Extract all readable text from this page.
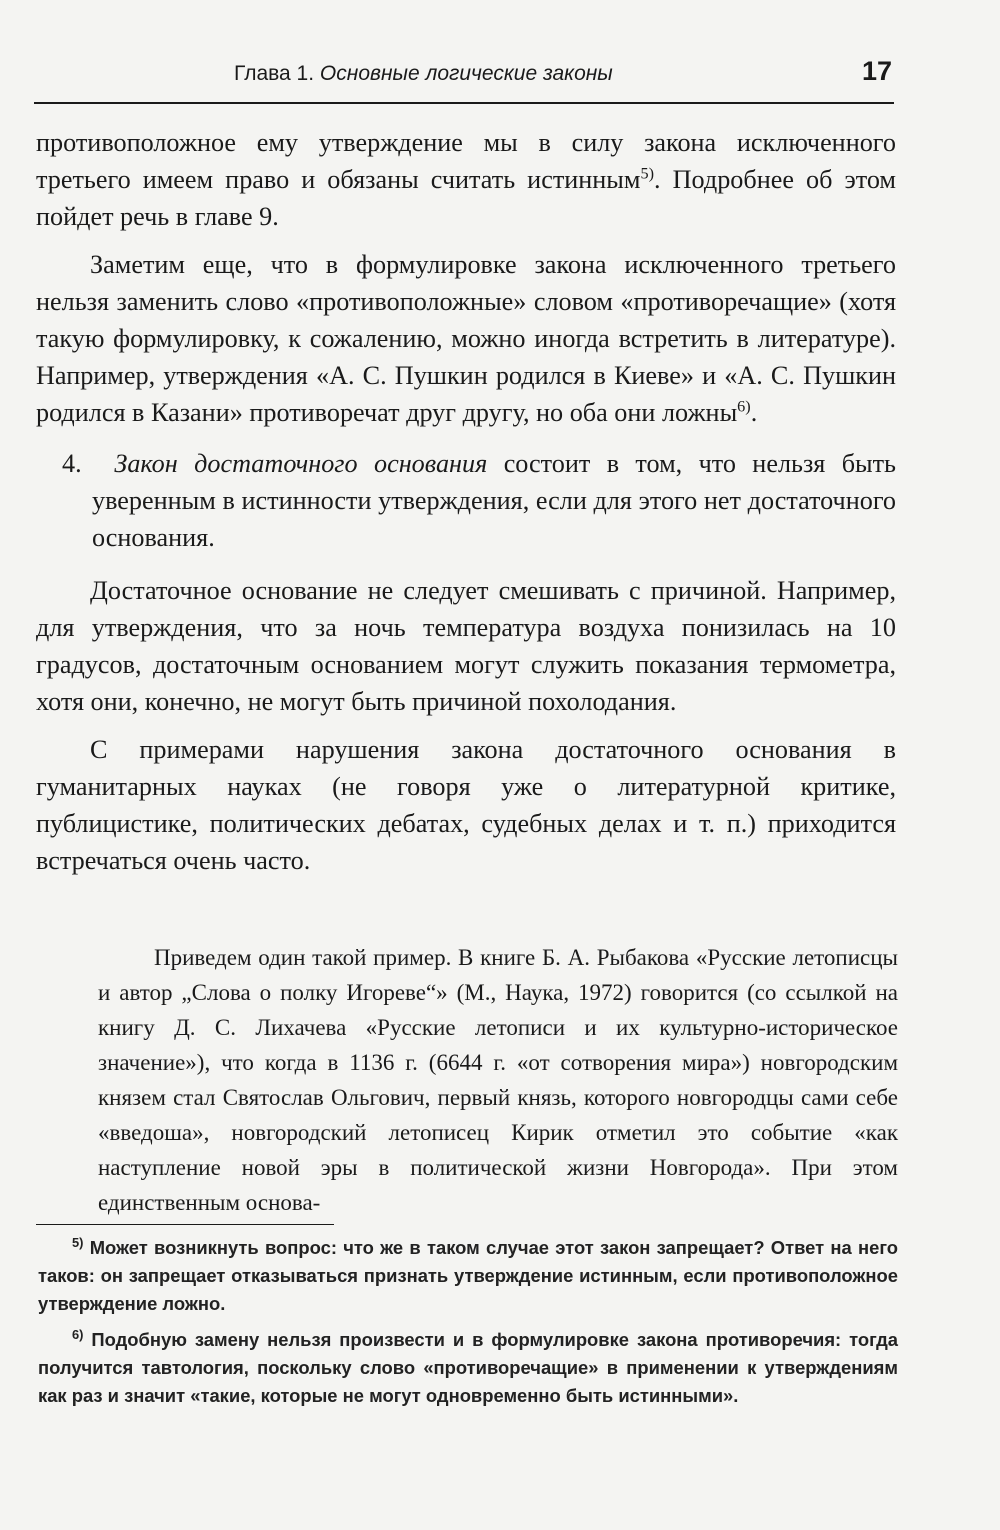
Глава 1. Основные логические законы	17

противоположное ему утверждение мы в силу закона исключенного третьего имеем право и обязаны считать истинным$^{5)}$. Подробнее об этом пойдет речь в главе 9.

Заметим еще, что в формулировке закона исключенного третьего нельзя заменить слово «противоположные» словом «противоречащие» (хотя такую формулировку, к сожалению, можно иногда встретить в литературе). Например, утверждения «А. С. Пушкин родился в Киеве» и «А. С. Пушкин родился в Казани» противоречат друг другу, но оба они ложны$^{6)}$.

4. Закон достаточного основания состоит в том, что нельзя быть уверенным в истинности утверждения, если для этого нет достаточного основания.

Достаточное основание не следует смешивать с причиной. Например, для утверждения, что за ночь температура воздуха понизилась на 10 градусов, достаточным основанием могут служить показания термометра, хотя они, конечно, не могут быть причиной похолодания.

С примерами нарушения закона достаточного основания в гуманитарных науках (не говоря уже о литературной критике, публицистике, политических дебатах, судебных делах и т. п.) приходится встречаться очень часто.

Приведем один такой пример. В книге Б. А. Рыбакова «Русские летописцы и автор „Слова о полку Игореве“» (М., Наука, 1972) говорится (со ссылкой на книгу Д. С. Лихачева «Русские летописи и их культурно-историческое значение»), что когда в 1136 г. (6644 г. «от сотворения мира») новгородским князем стал Святослав Ольгович, первый князь, которого новгородцы сами себе «введоша», новгородский летописец Кирик отметил это событие «как наступление новой эры в политической жизни Новгорода». При этом единственным основа-

$^{5)}$ Может возникнуть вопрос: что же в таком случае этот закон запрещает? Ответ на него таков: он запрещает отказываться признать утверждение истинным, если противоположное утверждение ложно.

$^{6)}$ Подобную замену нельзя произвести и в формулировке закона противоречия: тогда получится тавтология, поскольку слово «противоречащие» в применении к утверждениям как раз и значит «такие, которые не могут одновременно быть истинными».
